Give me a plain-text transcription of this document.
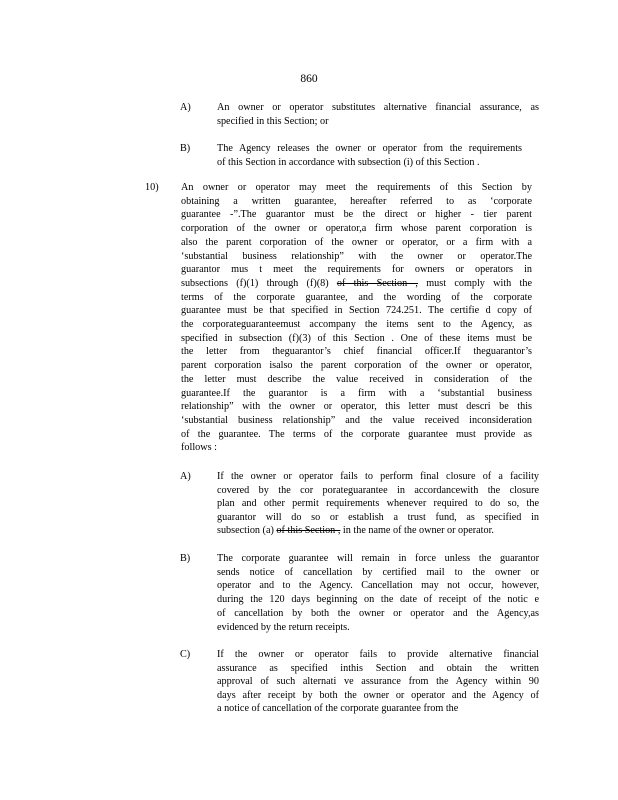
860
A)	An owner or operator substitutes alternative financial assurance, as
specified in this Section; or
B)	The Agency releases the owner or operator from the requirements
of this Section in accordance with subsection (i) of this Section .
10) An owner or operator may meet the requirements of this Section by
obtaining a written guarantee, hereafter referred to as ‘corporate
guarantee -”.The guarantor must be the direct or higher - tier parent
corporation of the owner or operator,a firm whose parent corporation is
also the parent corporation of the owner or operator, or a firm with a
‘substantial business relationship” with the owner or operator.The
guarantor mus t meet the requirements for owners or operators in
subsections (f)(1) through (f)(8) of this Section , must comply with the
terms of the corporate guarantee, and the wording of the corporate
guarantee must be that specified in Section 724.251. The certifie d copy of
the corporateguaranteemust accompany the items sent to the Agency, as
specified in subsection (f)(3) of this Section . One of these items must be
the letter from theguarantor’s chief financial officer.If theguarantor’s
parent corporation isalso the parent corporation of the owner or operator,
the letter must describe the value received in consideration of the
guarantee.If the guarantor is a firm with a ‘substantial business
relationship” with the owner or operator, this letter must descri be this
‘substantial business relationship” and the value received inconsideration
of the guarantee. The terms of the corporate guarantee must provide as
follows :
A)	If the owner or operator fails to perform final closure of a facility
covered by the cor porateguarantee in accordancewith the closure
plan and other permit requirements whenever required to do so, the
guarantor will do so or establish a trust fund, as specified in
subsection (a) of this Section , in the name of the owner or operator.
B)	The corporate guarantee will remain in force unless the guarantor
sends notice of cancellation by certified mail to the owner or
operator and to the Agency. Cancellation may not occur, however,
during the 120 days beginning on the date of receipt of the notic e
of cancellation by both the owner or operator and the Agency,as
evidenced by the return receipts.
C)	If the owner or operator fails to provide alternative financial
assurance as specified inthis Section and obtain the written
approval of such alternati ve assurance from the Agency within 90
days after receipt by both the owner or operator and the Agency of
a notice of cancellation of the corporate guarantee from the
